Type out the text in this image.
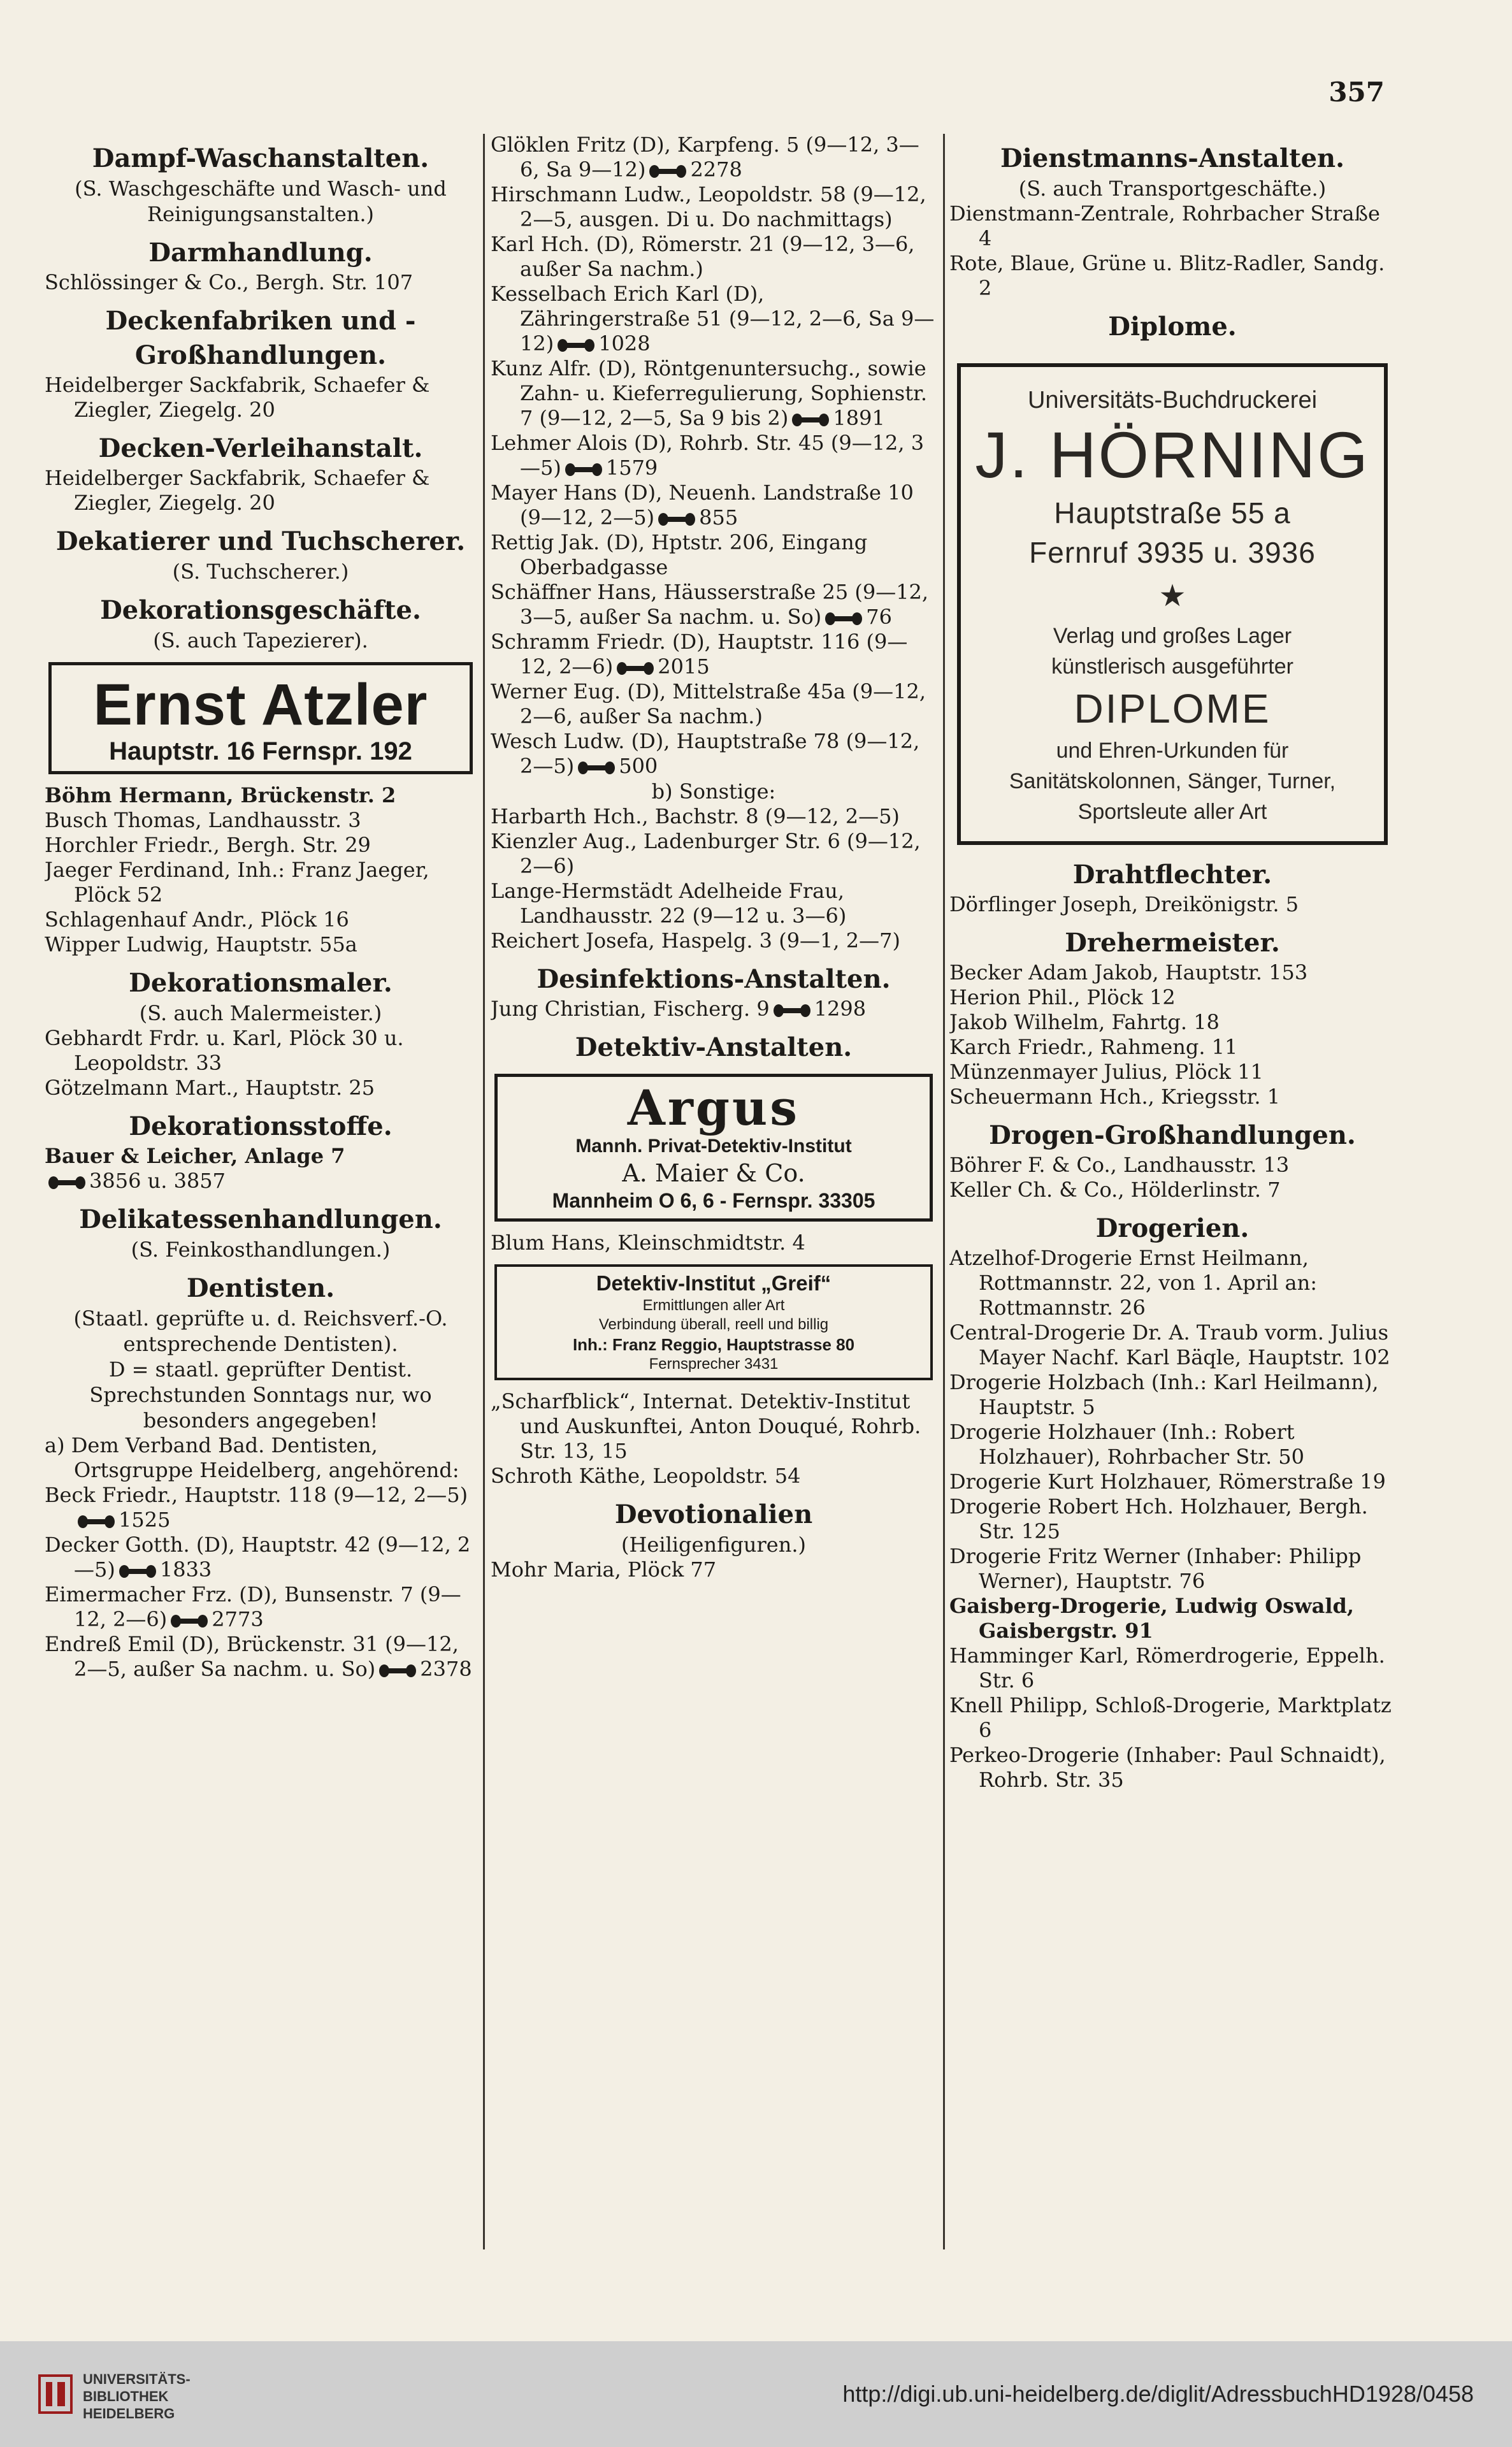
357
Dampf-Waschanstalten.
(S. Waschgeschäfte und Wasch- und Reinigungsanstalten.)
Darmhandlung.
Schlössinger & Co., Bergh. Str. 107
Deckenfabriken und -Großhandlungen.
Heidelberger Sackfabrik, Schaefer & Ziegler, Ziegelg. 20
Decken-Verleihanstalt.
Heidelberger Sackfabrik, Schaefer & Ziegler, Ziegelg. 20
Dekatierer und Tuchscherer.
(S. Tuchscherer.)
Dekorationsgeschäfte.
(S. auch Tapezierer).
Ernst Atzler
Hauptstr. 16 Fernspr. 192
Böhm Hermann, Brückenstr. 2
Busch Thomas, Landhausstr. 3
Horchler Friedr., Bergh. Str. 29
Jaeger Ferdinand, Inh.: Franz Jaeger, Plöck 52
Schlagenhauf Andr., Plöck 16
Wipper Ludwig, Hauptstr. 55a
Dekorationsmaler.
(S. auch Malermeister.)
Gebhardt Frdr. u. Karl, Plöck 30 u. Leopoldstr. 33
Götzelmann Mart., Hauptstr. 25
Dekorationsstoffe.
Bauer & Leicher, Anlage 7
3856 u. 3857
Delikatessenhandlungen.
(S. Feinkosthandlungen.)
Dentisten.
(Staatl. geprüfte u. d. Reichsverf.-O. entsprechende Dentisten).
D = staatl. geprüfter Dentist.
Sprechstunden Sonntags nur, wo besonders angegeben!
a) Dem Verband Bad. Dentisten, Ortsgruppe Heidelberg, angehörend:
Beck Friedr., Hauptstr. 118 (9—12, 2—5)
1525
Decker Gotth. (D), Hauptstr. 42 (9—12, 2—5) 1833
Eimermacher Frz. (D), Bunsenstr. 7 (9—12, 2—6) 2773
Endreß Emil (D), Brückenstr. 31 (9—12, 2—5, außer Sa nachm. u. So) 2378
Glöklen Fritz (D), Karpfeng. 5 (9—12, 3—6, Sa 9—12) 2278
Hirschmann Ludw., Leopoldstr. 58 (9—12, 2—5, ausgen. Di u. Do nachmittags)
Karl Hch. (D), Römerstr. 21 (9—12, 3—6, außer Sa nachm.)
Kesselbach Erich Karl (D), Zähringerstraße 51 (9—12, 2—6, Sa 9—12) 1028
Kunz Alfr. (D), Röntgenuntersuchg., sowie Zahn- u. Kieferregulierung, Sophienstr. 7 (9—12, 2—5, Sa 9 bis 2) 1891
Lehmer Alois (D), Rohrb. Str. 45 (9—12, 3—5) 1579
Mayer Hans (D), Neuenh. Landstraße 10 (9—12, 2—5) 855
Rettig Jak. (D), Hptstr. 206, Eingang Oberbadgasse
Schäffner Hans, Häusserstraße 25 (9—12, 3—5, außer Sa nachm. u. So) 76
Schramm Friedr. (D), Hauptstr. 116 (9—12, 2—6) 2015
Werner Eug. (D), Mittelstraße 45a (9—12, 2—6, außer Sa nachm.)
Wesch Ludw. (D), Hauptstraße 78 (9—12, 2—5) 500
b) Sonstige:
Harbarth Hch., Bachstr. 8 (9—12, 2—5)
Kienzler Aug., Ladenburger Str. 6 (9—12, 2—6)
Lange-Hermstädt Adelheide Frau, Landhausstr. 22 (9—12 u. 3—6)
Reichert Josefa, Haspelg. 3 (9—1, 2—7)
Desinfektions-Anstalten.
Jung Christian, Fischerg. 9 1298
Detektiv-Anstalten.
Argus
Mannh. Privat-Detektiv-Institut
A. Maier & Co.
Mannheim O 6, 6 - Fernspr. 33305
Blum Hans, Kleinschmidtstr. 4
Detektiv-Institut „Greif“
Ermittlungen aller Art
Verbindung überall, reell und billig
Inh.: Franz Reggio, Hauptstrasse 80
Fernsprecher 3431
„Scharfblick“, Internat. Detektiv-Institut und Auskunftei, Anton Douqué, Rohrb. Str. 13, 15
Schroth Käthe, Leopoldstr. 54
Devotionalien
(Heiligenfiguren.)
Mohr Maria, Plöck 77
Dienstmanns-Anstalten.
(S. auch Transportgeschäfte.)
Dienstmann-Zentrale, Rohrbacher Straße 4
Rote, Blaue, Grüne u. Blitz-Radler, Sandg. 2
Diplome.
Universitäts-Buchdruckerei
J. HÖRNING
Hauptstraße 55 a
Fernruf 3935 u. 3936
★
Verlag und großes Lager
künstlerisch ausgeführter
DIPLOME
und Ehren-Urkunden für Sanitätskolonnen, Sänger, Turner, Sportsleute aller Art
Drahtflechter.
Dörflinger Joseph, Dreikönigstr. 5
Drehermeister.
Becker Adam Jakob, Hauptstr. 153
Herion Phil., Plöck 12
Jakob Wilhelm, Fahrtg. 18
Karch Friedr., Rahmeng. 11
Münzenmayer Julius, Plöck 11
Scheuermann Hch., Kriegsstr. 1
Drogen-Großhandlungen.
Böhrer F. & Co., Landhausstr. 13
Keller Ch. & Co., Hölderlinstr. 7
Drogerien.
Atzelhof-Drogerie Ernst Heilmann, Rottmannstr. 22, von 1. April an: Rottmannstr. 26
Central-Drogerie Dr. A. Traub vorm. Julius Mayer Nachf. Karl Bäqle, Hauptstr. 102
Drogerie Holzbach (Inh.: Karl Heilmann), Hauptstr. 5
Drogerie Holzhauer (Inh.: Robert Holzhauer), Rohrbacher Str. 50
Drogerie Kurt Holzhauer, Römerstraße 19
Drogerie Robert Hch. Holzhauer, Bergh. Str. 125
Drogerie Fritz Werner (Inhaber: Philipp Werner), Hauptstr. 76
Gaisberg-Drogerie, Ludwig Oswald, Gaisbergstr. 91
Hamminger Karl, Römerdrogerie, Eppelh. Str. 6
Knell Philipp, Schloß-Drogerie, Marktplatz 6
Perkeo-Drogerie (Inhaber: Paul Schnaidt), Rohrb. Str. 35
UNIVERSITÄTS-
BIBLIOTHEK
HEIDELBERG
http://digi.ub.uni-heidelberg.de/diglit/AdressbuchHD1928/0458
